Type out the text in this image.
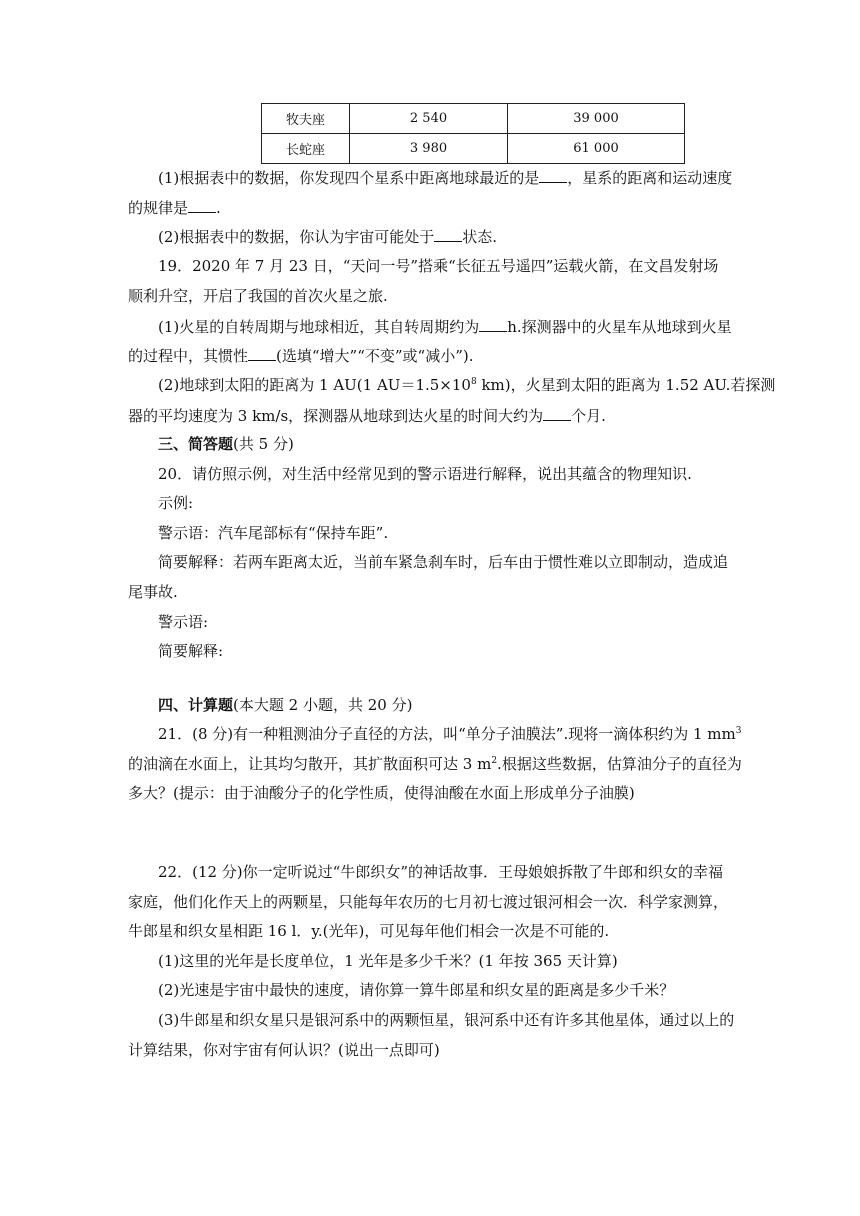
牧夫座	2 540	39 000
长蛇座	3 980	61 000
(1)根据表中的数据，你发现四个星系中距离地球最近的是 ，星系的距离和运动速度
的规律是 .
(2)根据表中的数据，你认为宇宙可能处于 状态.
19．2020 年 7 月 23 日，“天问一号”搭乘“长征五号遥四”运载火箭，在文昌发射场
顺利升空，开启了我国的首次火星之旅.
(1)火星的自转周期与地球相近，其自转周期约为 h.探测器中的火星车从地球到火星
的过程中，其惯性 (选填“增大”“不变”或“减小”).
(2)地球到太阳的距离为 1 AU(1 $AU=1.5\times 10^8$ km)，火星到太阳的距离为 1.52 AU.若探测
器的平均速度为 3 km/s，探测器从地球到达火星的时间大约为 个月.
三、简答题(共 5 分)
20．请仿照示例，对生活中经常见到的警示语进行解释，说出其蕴含的物理知识.
示例:
警示语：汽车尾部标有“保持车距”.
简要解释：若两车距离太近，当前车紧急刹车时，后车由于惯性难以立即制动，造成追
尾事故.
警示语:
简要解释:
四、计算题(本大题 2 小题，共 20 分)
21．(8 分)有一种粗测油分子直径的方法，叫“单分子油膜法”.现将一滴体积约为 1 $mm^3$
的油滴在水面上，让其均匀散开，其扩散面积可达 3 $m^2$.根据这些数据，估算油分子的直径为
多大？(提示：由于油酸分子的化学性质，使得油酸在水面上形成单分子油膜)
22．(12 分)你一定听说过“牛郎织女”的神话故事．王母娘娘拆散了牛郎和织女的幸福
家庭，他们化作天上的两颗星，只能每年农历的七月初七渡过银河相会一次．科学家测算，
牛郎星和织女星相距 16 l．y.(光年)，可见每年他们相会一次是不可能的.
(1)这里的光年是长度单位，1 光年是多少千米？(1 年按 365 天计算)
(2)光速是宇宙中最快的速度，请你算一算牛郎星和织女星的距离是多少千米？
(3)牛郎星和织女星只是银河系中的两颗恒星，银河系中还有许多其他星体，通过以上的
计算结果，你对宇宙有何认识？(说出一点即可)
